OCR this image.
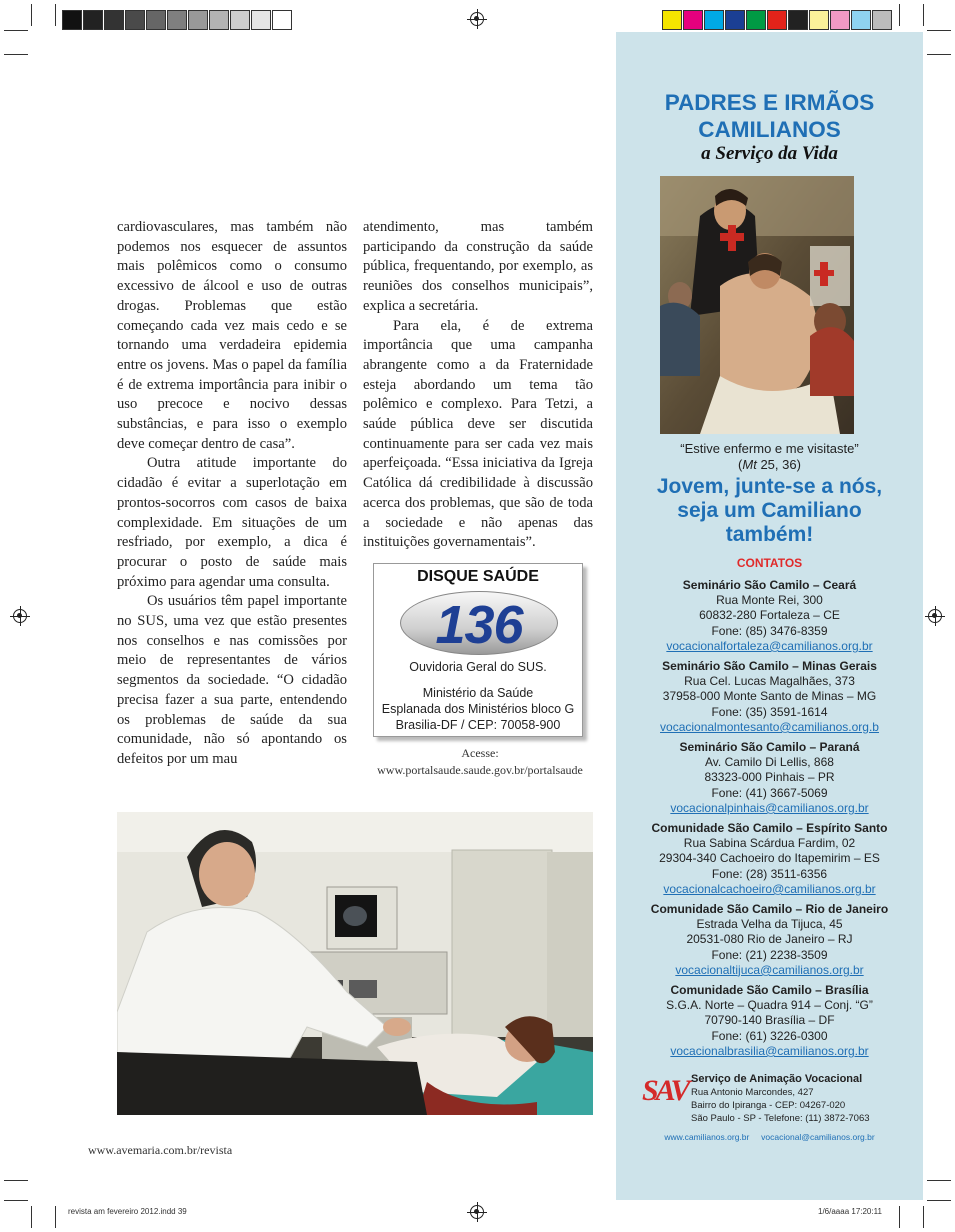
cardiovasculares, mas também não podemos nos esquecer de assuntos mais polêmicos como o consumo excessivo de álcool e uso de outras drogas. Problemas que estão começando cada vez mais cedo e se tornando uma verdadeira epidemia entre os jovens. Mas o papel da família é de extrema importância para inibir o uso precoce e nocivo dessas substâncias, e para isso o exemplo deve começar dentro de casa”.

Outra atitude importante do cidadão é evitar a superlotação em prontos-socorros com casos de baixa complexidade. Em situações de um resfriado, por exemplo, a dica é procurar o posto de saúde mais próximo para agendar uma consulta.

Os usuários têm papel importante no SUS, uma vez que estão presentes nos conselhos e nas comissões por meio de representantes de vários segmentos da sociedade. “O cidadão precisa fazer a sua parte, entendendo os problemas de saúde da sua comunidade, não só apontando os defeitos por um mau

atendimento, mas também participando da construção da saúde pública, frequentando, por exemplo, as reuniões dos conselhos municipais”, explica a secretária.

Para ela, é de extrema importância que uma campanha abrangente como a da Fraternidade esteja abordando um tema tão polêmico e complexo. Para Tetzi, a saúde pública deve ser discutida continuamente para ser cada vez mais aperfeiçoada. “Essa iniciativa da Igreja Católica dá credibilidade à discussão acerca dos problemas, que são de toda a sociedade e não apenas das instituições governamentais”.

DISQUE SAÚDE
136
Ouvidoria Geral do SUS.
Ministério da Saúde
Esplanada dos Ministérios bloco G
Brasilia-DF / CEP: 70058-900
Acesse:
www.portalsaude.saude.gov.br/portalsaude
www.avemaria.com.br/revista
revista am fevereiro 2012.indd 39	1/6/aaaa 17:20:11
PADRES E IRMÃOS
CAMILIANOS
a Serviço da Vida
“Estive enfermo e me visitaste”
(Mt 25, 36)
Jovem, junte-se a nós,
seja um Camiliano
também!
CONTATOS
Seminário São Camilo – Ceará
Rua Monte Rei, 300
60832-280 Fortaleza – CE
Fone: (85) 3476-8359
vocacionalfortaleza@camilianos.org.br
Seminário São Camilo – Minas Gerais
Rua Cel. Lucas Magalhães, 373
37958-000 Monte Santo de Minas – MG
Fone: (35) 3591-1614
vocacionalmontesanto@camilianos.org.b
Seminário São Camilo – Paraná
Av. Camilo Di Lellis, 868
83323-000 Pinhais – PR
Fone: (41) 3667-5069
vocacionalpinhais@camilianos.org.br
Comunidade São Camilo – Espírito Santo
Rua Sabina Scárdua Fardim, 02
29304-340 Cachoeiro do Itapemirim – ES
Fone: (28) 3511-6356
vocacionalcachoeiro@camilianos.org.br
Comunidade São Camilo – Rio de Janeiro
Estrada Velha da Tijuca, 45
20531-080 Rio de Janeiro – RJ
Fone: (21) 2238-3509
vocacionaltijuca@camilianos.org.br
Comunidade São Camilo – Brasília
S.G.A. Norte – Quadra 914 – Conj. “G”
70790-140 Brasília – DF
Fone: (61) 3226-0300
vocacionalbrasilia@camilianos.org.br
SAV Serviço de Animação Vocacional
Rua Antonio Marcondes, 427
Bairro do Ipiranga - CEP: 04267-020
São Paulo - SP - Telefone: (11) 3872-7063
www.camilianos.org.br vocacional@camilianos.org.br
